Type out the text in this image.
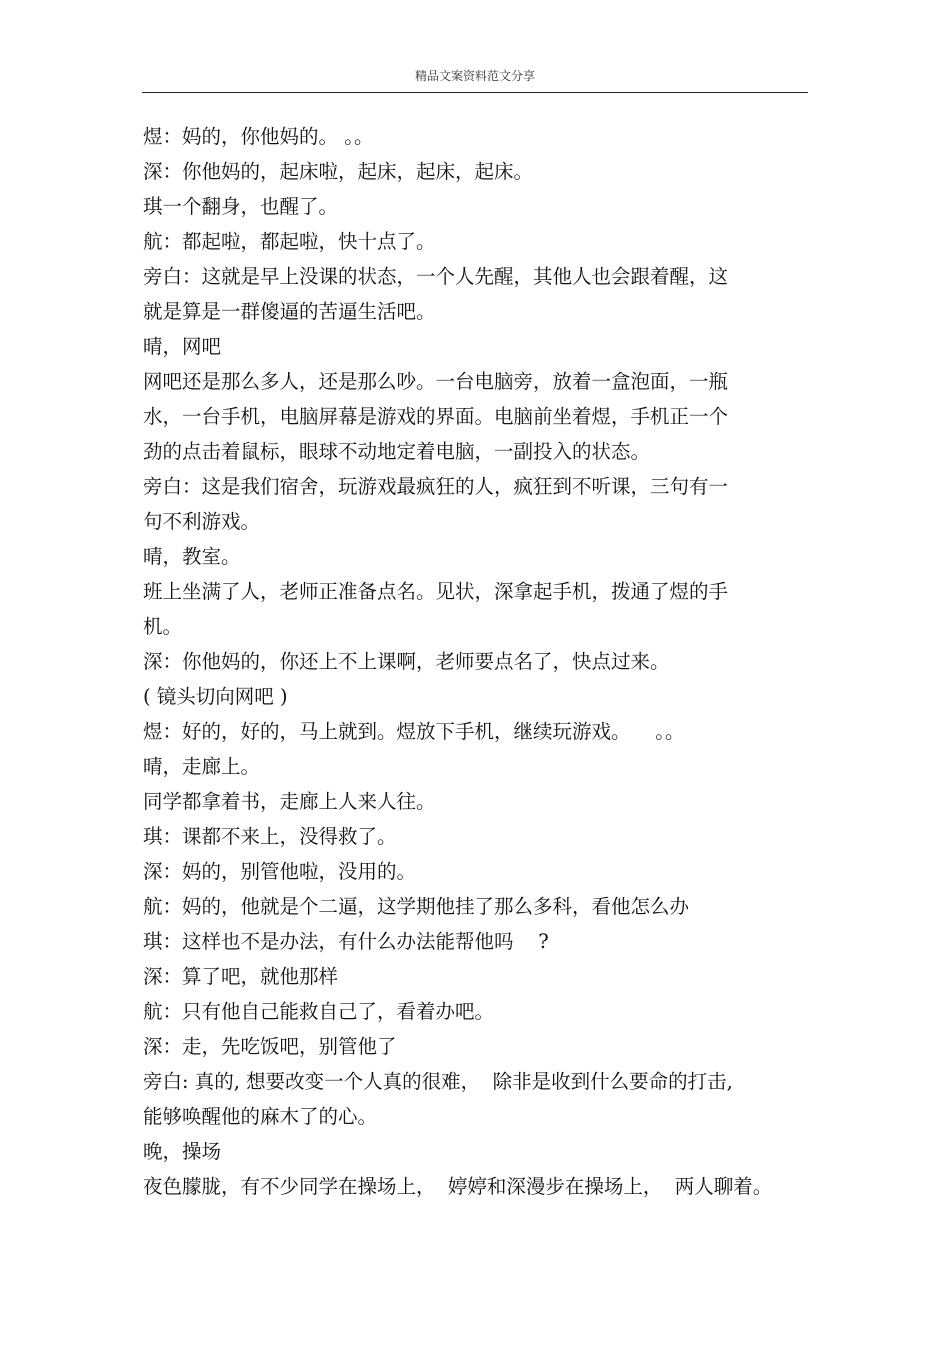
精品文案资料范文分享
煜：妈的，你他妈的。 。。
深：你他妈的，起床啦，起床，起床，起床。
琪一个翻身，也醒了。
航：都起啦，都起啦，快十点了。
旁白：这就是早上没课的状态，一个人先醒，其他人也会跟着醒，这
就是算是一群傻逼的苦逼生活吧。
晴，网吧
网吧还是那么多人，还是那么吵。一台电脑旁，放着一盒泡面，一瓶
水，一台手机，电脑屏幕是游戏的界面。电脑前坐着煜，手机正一个
劲的点击着鼠标，眼球不动地定着电脑，一副投入的状态。
旁白：这是我们宿舍，玩游戏最疯狂的人，疯狂到不听课，三句有一
句不利游戏。
晴，教室。
班上坐满了人，老师正准备点名。见状，深拿起手机，拨通了煜的手
机。
深：你他妈的，你还上不上课啊，老师要点名了，快点过来。
( 镜头切向网吧 )
煜：好的，好的，马上就到。煜放下手机，继续玩游戏。    。。
晴，走廊上。
同学都拿着书，走廊上人来人往。
琪：课都不来上，没得救了。
深：妈的，别管他啦，没用的。
航：妈的，他就是个二逼，这学期他挂了那么多科，看他怎么办
琪：这样也不是办法，有什么办法能帮他吗    ?
深：算了吧，就他那样
航：只有他自己能救自己了，看着办吧。
深：走，先吃饭吧，别管他了
旁白: 真的, 想要改变一个人真的很难，  除非是收到什么要命的打击,
能够唤醒他的麻木了的心。
晚，操场
夜色朦胧，有不少同学在操场上，  婷婷和深漫步在操场上，  两人聊着。
